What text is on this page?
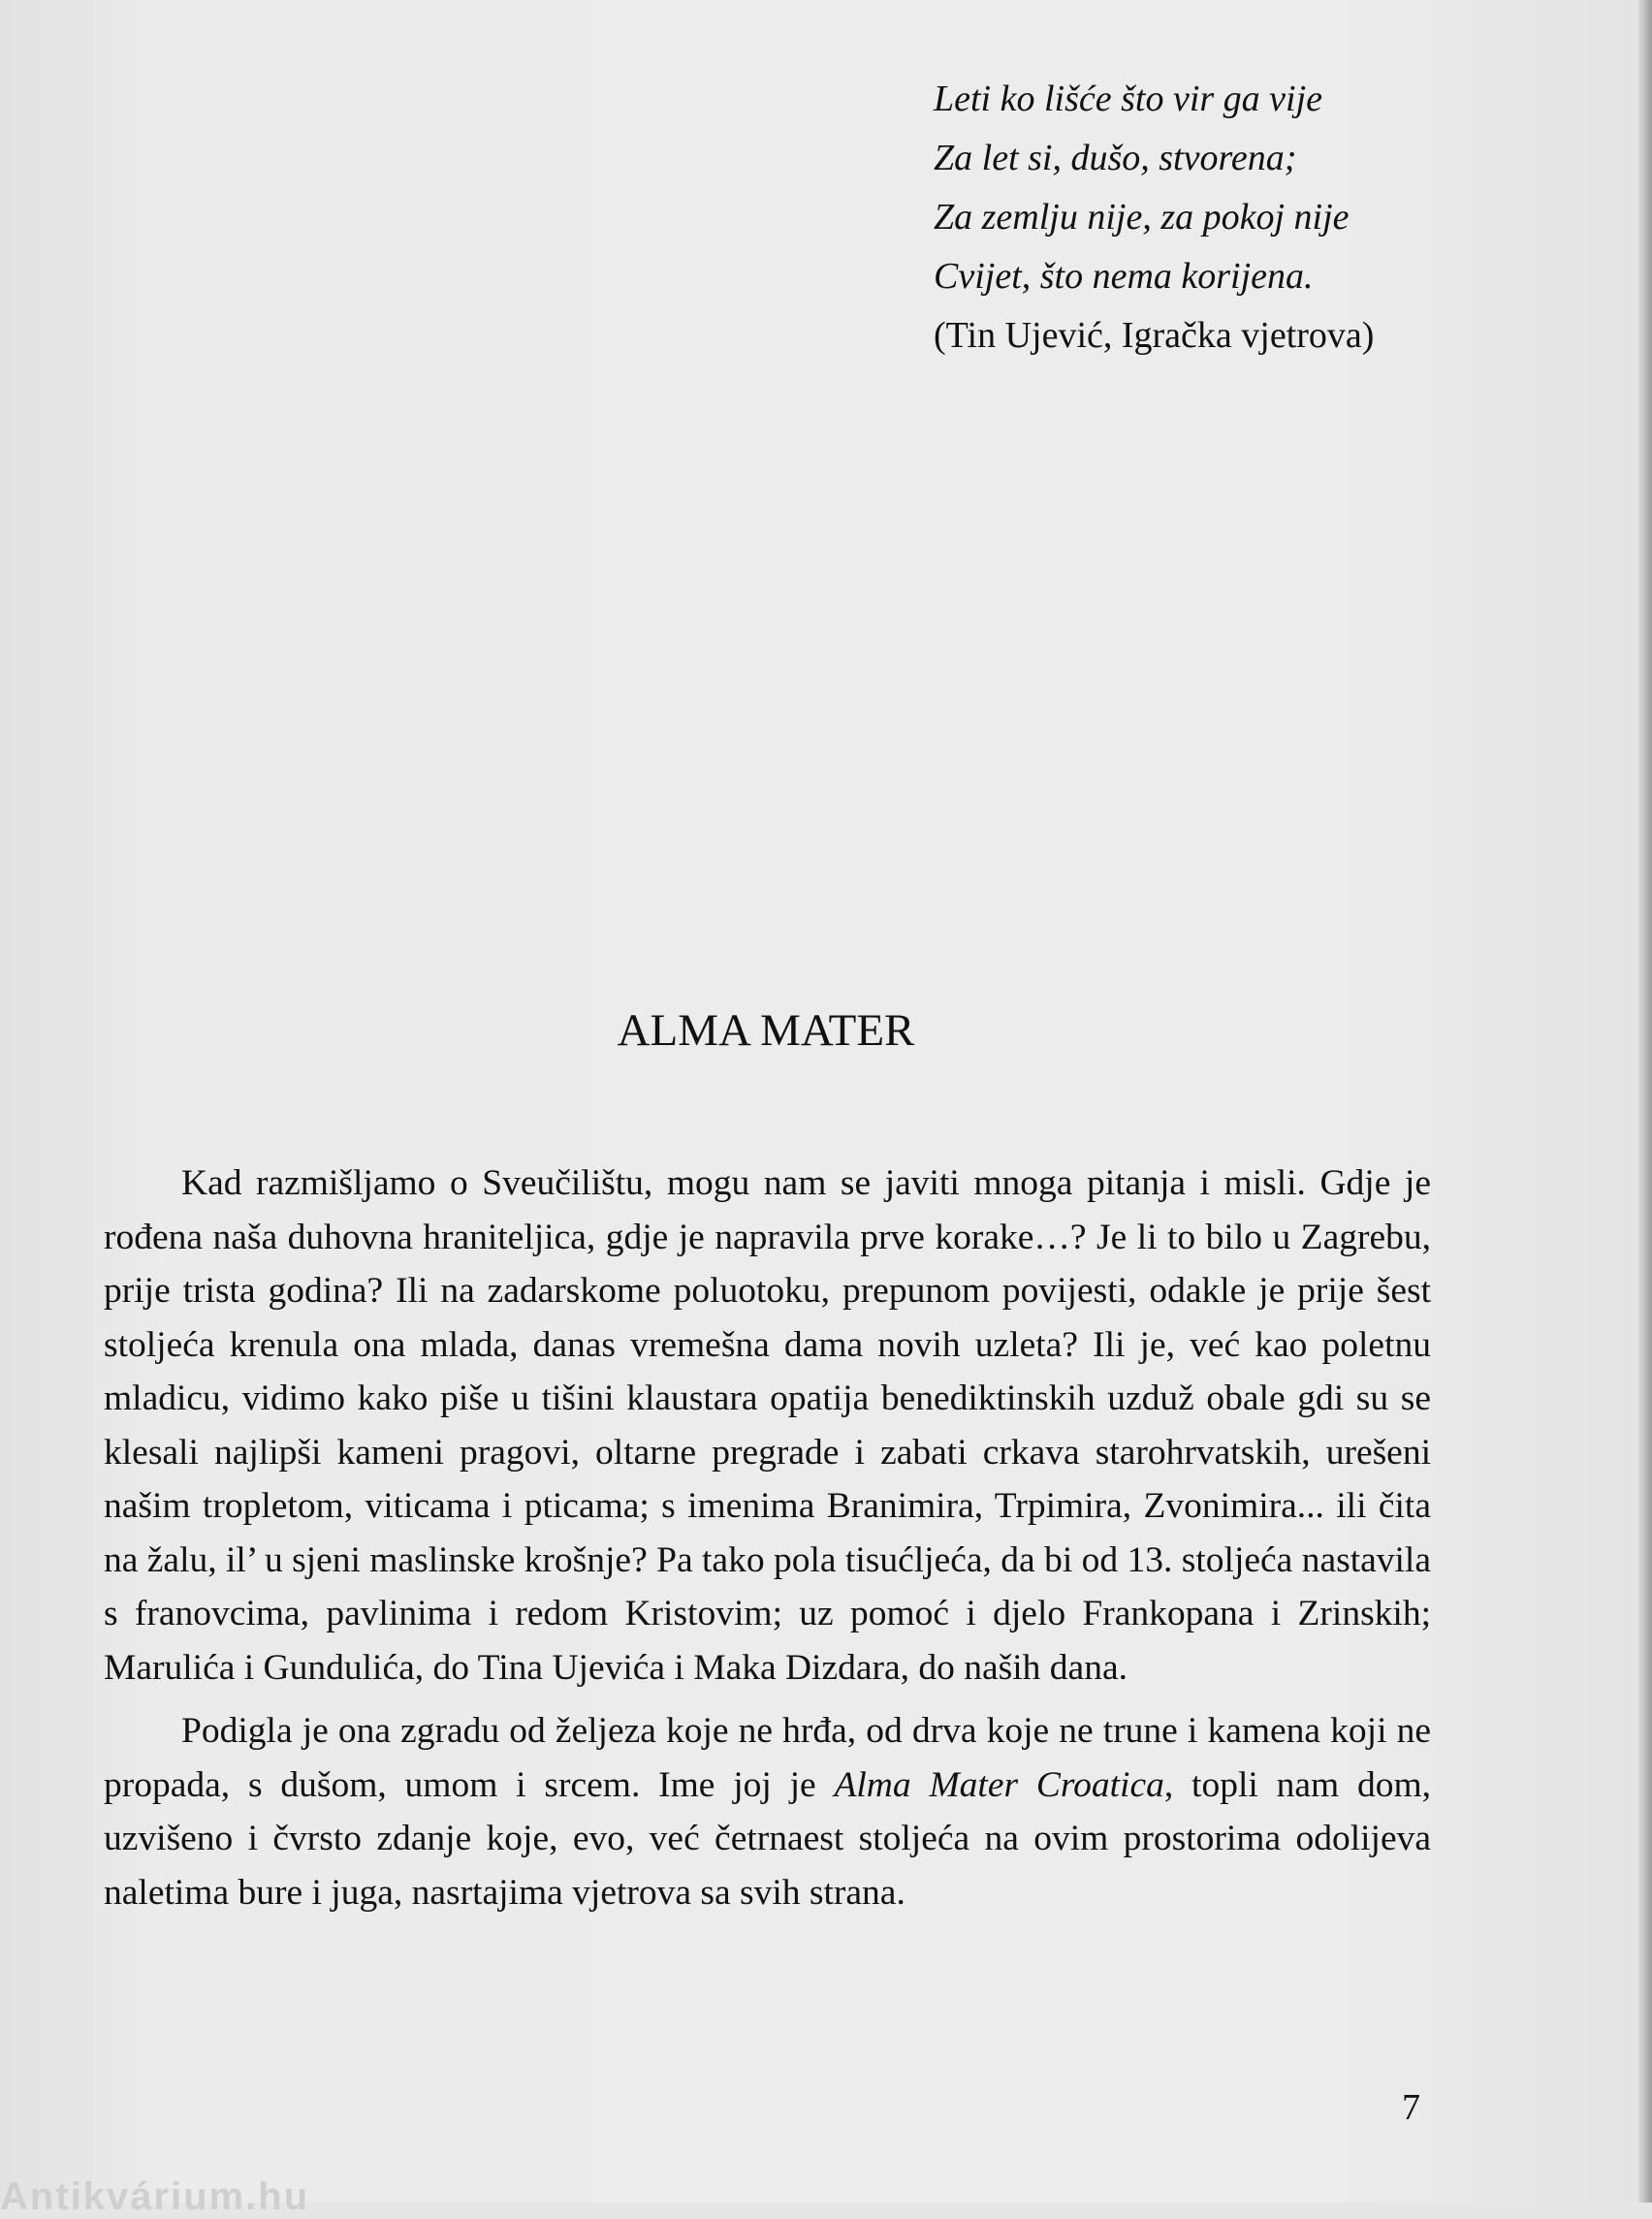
Leti ko lišće što vir ga vije
Za let si, dušo, stvorena;
Za zemlju nije, za pokoj nije
Cvijet, što nema korijena.
(Tin Ujević, Igračka vjetrova)
ALMA MATER

Kad razmišljamo o Sveučilištu, mogu nam se javiti mnoga pitanja i misli. Gdje je rođena naša duhovna hraniteljica, gdje je napravila prve korake…? Je li to bilo u Zagrebu, prije trista godina? Ili na zadarskome poluotoku, prepunom povijesti, odakle je prije šest stoljeća krenula ona mlada, danas vremešna dama novih uzleta? Ili je, već kao poletnu mladicu, vidimo kako piše u tišini klaustara opatija benediktinskih uzduž obale gdi su se klesali najlipši kameni pragovi, oltarne pregrade i zabati crkava starohrvatskih, urešeni našim tropletom, viticama i pticama; s imenima Branimira, Trpimira, Zvonimira... ili čita na žalu, il’ u sjeni maslinske krošnje? Pa tako pola tisućljeća, da bi od 13. stoljeća nastavila s franovcima, pavlinima i redom Kristovim; uz pomoć i djelo Frankopana i Zrinskih; Marulića i Gundulića, do Tina Ujevića i Maka Dizdara, do naših dana.

Podigla je ona zgradu od željeza koje ne hrđa, od drva koje ne trune i kamena koji ne propada, s dušom, umom i srcem. Ime joj je Alma Mater Croatica, topli nam dom, uzvišeno i čvrsto zdanje koje, evo, već četrnaest stoljeća na ovim prostorima odolijeva naletima bure i juga, nasrtajima vjetrova sa svih strana.

7
Antikvárium.hu
